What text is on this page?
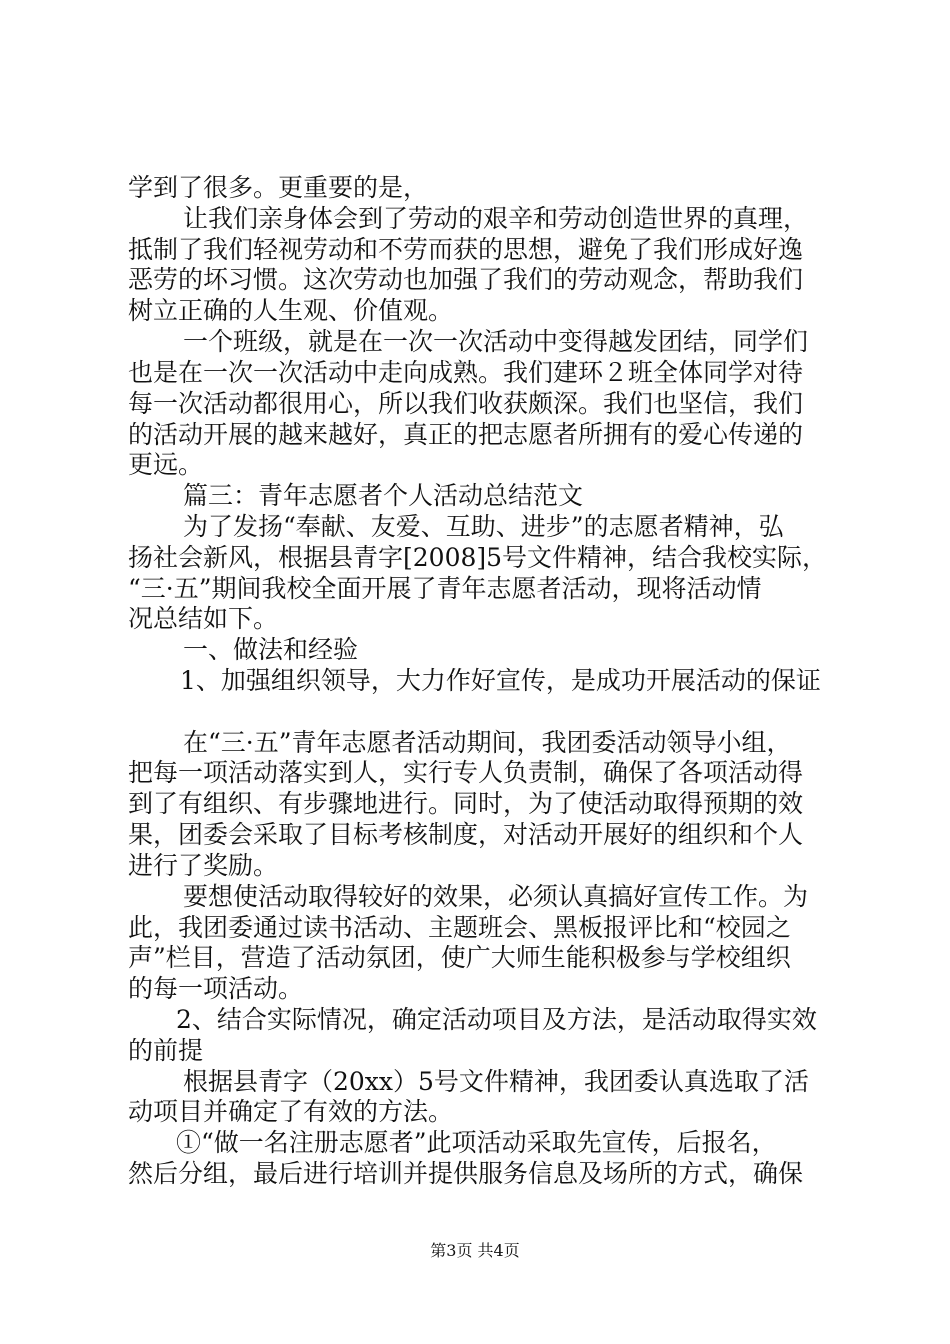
学到了很多。更重要的是，

让我们亲身体会到了劳动的艰辛和劳动创造世界的真理，

抵制了我们轻视劳动和不劳而获的思想，避免了我们形成好逸

恶劳的坏习惯。这次劳动也加强了我们的劳动观念，帮助我们

树立正确的人生观、价值观。

一个班级，就是在一次一次活动中变得越发团结，同学们

也是在一次一次活动中走向成熟。我们建环２班全体同学对待

每一次活动都很用心，所以我们收获颇深。我们也坚信，我们

的活动开展的越来越好，真正的把志愿者所拥有的爱心传递的

更远。

篇三：青年志愿者个人活动总结范文

为了发扬“奉献、友爱、互助、进步”的志愿者精神，弘

扬社会新风，根据县青字[2008]5号文件精神，结合我校实际，

“三·五”期间我校全面开展了青年志愿者活动，现将活动情

况总结如下。

一、做法和经验

1、加强组织领导，大力作好宣传，是成功开展活动的保证

在“三·五”青年志愿者活动期间，我团委活动领导小组，

把每一项活动落实到人，实行专人负责制，确保了各项活动得

到了有组织、有步骤地进行。同时，为了使活动取得预期的效

果，团委会采取了目标考核制度，对活动开展好的组织和个人

进行了奖励。

要想使活动取得较好的效果，必须认真搞好宣传工作。为

此，我团委通过读书活动、主题班会、黑板报评比和“校园之

声”栏目，营造了活动氛团，使广大师生能积极参与学校组织

的每一项活动。

2、结合实际情况，确定活动项目及方法，是活动取得实效

的前提

根据县青字（20xx）5号文件精神，我团委认真选取了活

动项目并确定了有效的方法。

①“做一名注册志愿者”此项活动采取先宣传，后报名，

然后分组，最后进行培训并提供服务信息及场所的方式，确保

第3页 共4页
